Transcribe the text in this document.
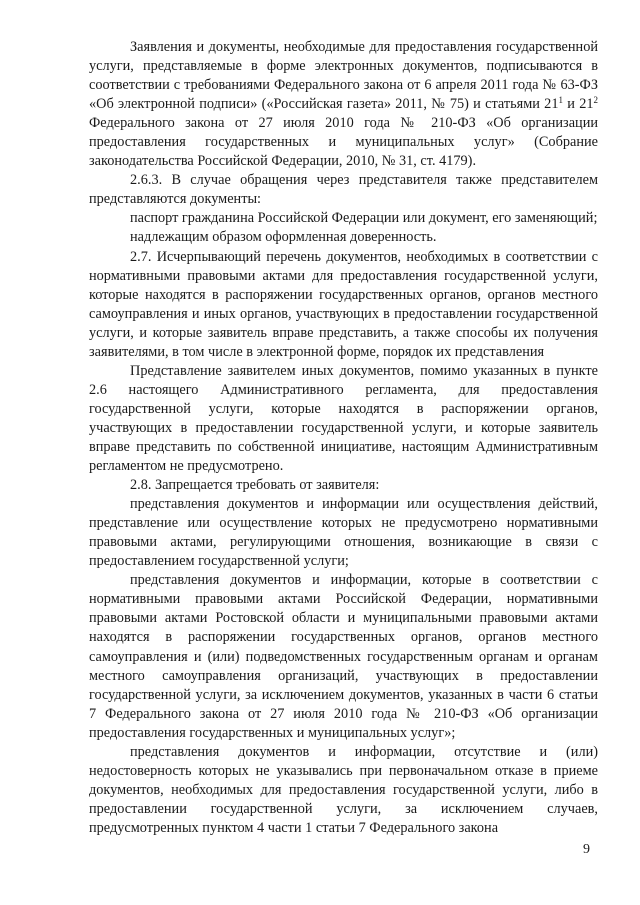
Заявления и документы, необходимые для предоставления государственной услуги, представляемые в форме электронных документов, подписываются в соответствии с требованиями Федерального закона от 6 апреля 2011 года № 63-ФЗ «Об электронной подписи» («Российская газета» 2011, № 75) и статьями $21^1$ и $21^2$ Федерального закона от 27 июля 2010 года № 210-ФЗ «Об организации предоставления государственных и муниципальных услуг» (Собрание законодательства Российской Федерации, 2010, № 31, ст. 4179).

2.6.3. В случае обращения через представителя также представителем представляются документы:

паспорт гражданина Российской Федерации или документ, его заменяющий;

надлежащим образом оформленная доверенность.

2.7. Исчерпывающий перечень документов, необходимых в соответствии с нормативными правовыми актами для предоставления государственной услуги, которые находятся в распоряжении государственных органов, органов местного самоуправления и иных органов, участвующих в предоставлении государственной услуги, и которые заявитель вправе представить, а также способы их получения заявителями, в том числе в электронной форме, порядок их представления

Представление заявителем иных документов, помимо указанных в пункте 2.6 настоящего Административного регламента, для предоставления государственной услуги, которые находятся в распоряжении органов, участвующих в предоставлении государственной услуги, и которые заявитель вправе представить по собственной инициативе, настоящим Административным регламентом не предусмотрено.

2.8. Запрещается требовать от заявителя:

представления документов и информации или осуществления действий, представление или осуществление которых не предусмотрено нормативными правовыми актами, регулирующими отношения, возникающие в связи с предоставлением государственной услуги;

представления документов и информации, которые в соответствии с нормативными правовыми актами Российской Федерации, нормативными правовыми актами Ростовской области и муниципальными правовыми актами находятся в распоряжении государственных органов, органов местного самоуправления и (или) подведомственных государственным органам и органам местного самоуправления организаций, участвующих в предоставлении государственной услуги, за исключением документов, указанных в части 6 статьи 7 Федерального закона от 27 июля 2010 года № 210-ФЗ «Об организации предоставления государственных и муниципальных услуг»;

представления документов и информации, отсутствие и (или) недостоверность которых не указывались при первоначальном отказе в приеме документов, необходимых для предоставления государственной услуги, либо в предоставлении государственной услуги, за исключением случаев, предусмотренных пунктом 4 части 1 статьи 7 Федерального закона

9
